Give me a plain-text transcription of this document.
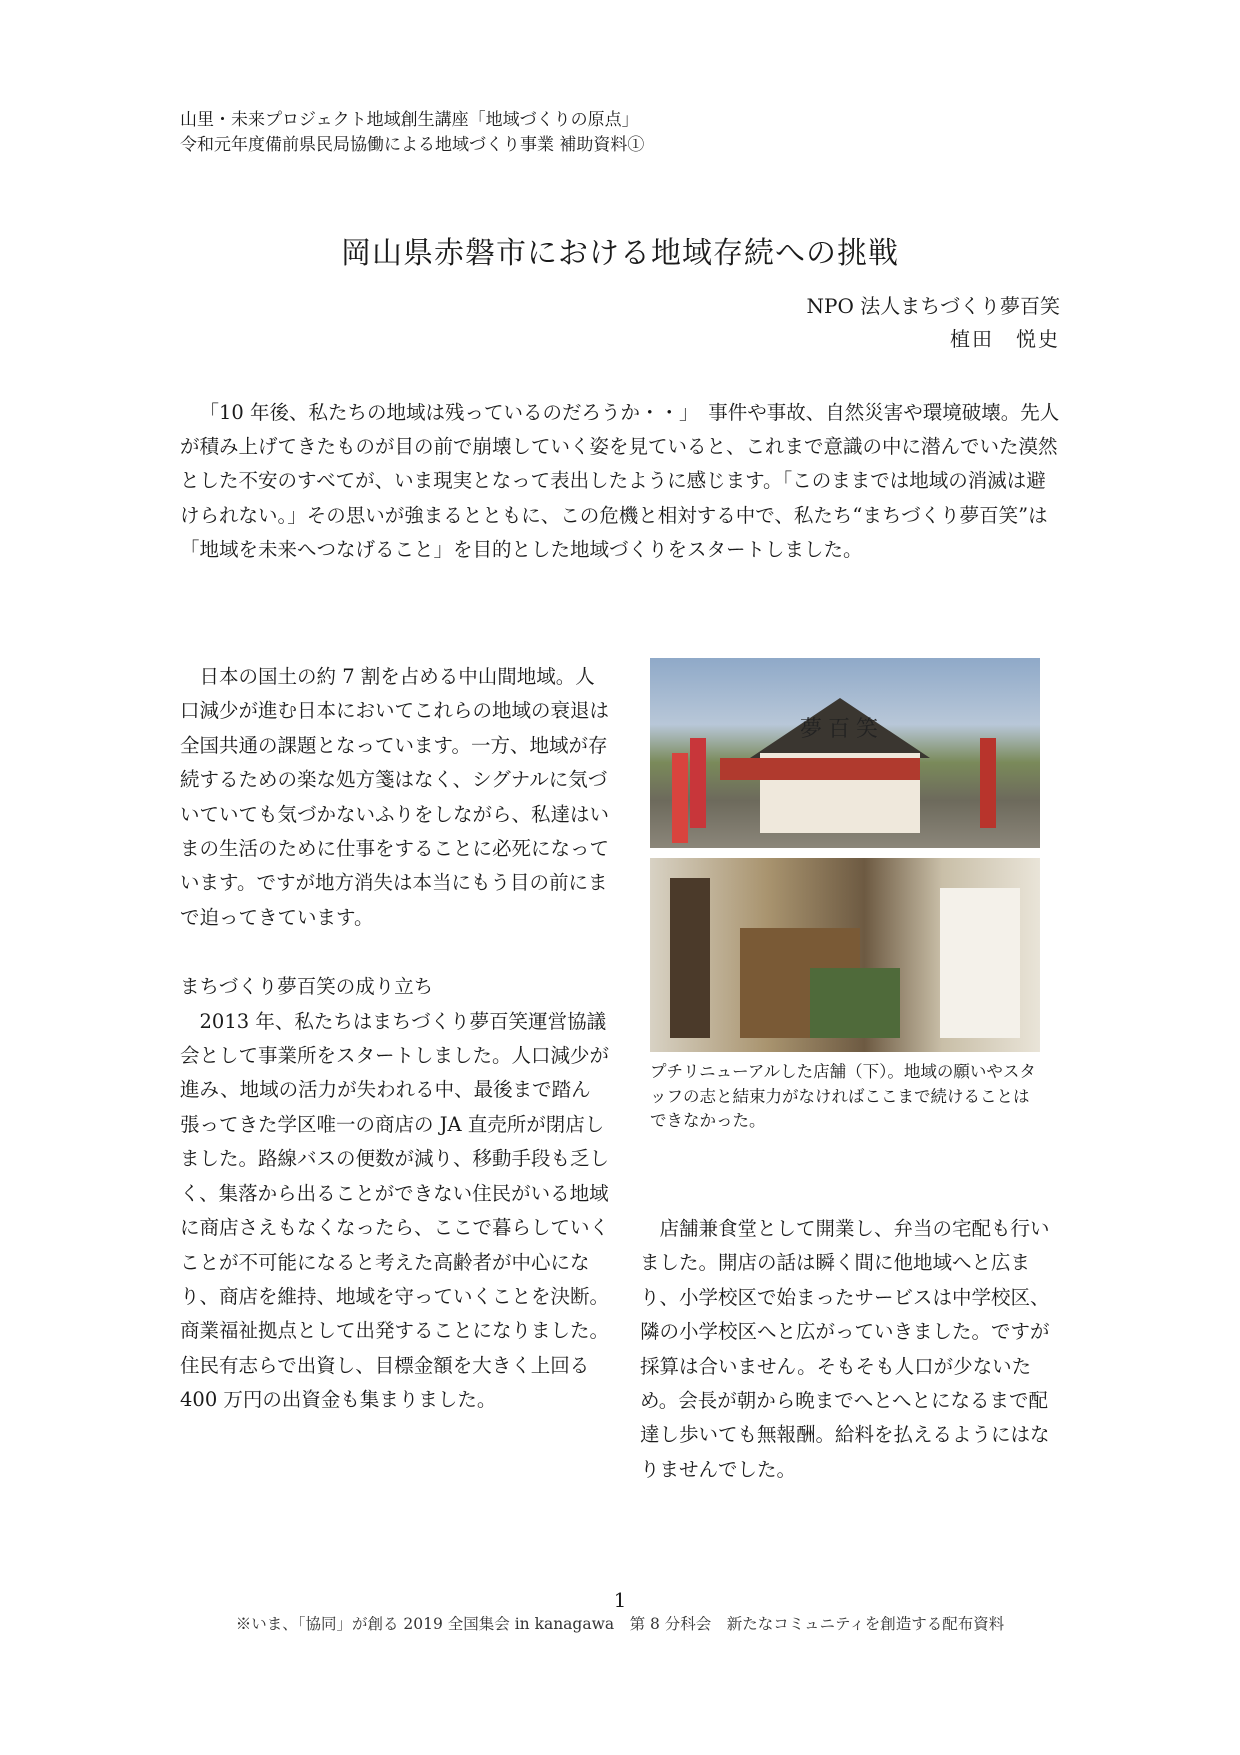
山里・未来プロジェクト地域創生講座「地域づくりの原点」
令和元年度備前県民局協働による地域づくり事業 補助資料①
岡山県赤磐市における地域存続への挑戦
NPO 法人まちづくり夢百笑
植田　悦史

「10 年後、私たちの地域は残っているのだろうか・・」　事件や事故、自然災害や環境破壊。先人が積み上げてきたものが目の前で崩壊していく姿を見ていると、これまで意識の中に潜んでいた漠然とした不安のすべてが、いま現実となって表出したように感じます。「このままでは地域の消滅は避けられない。」その思いが強まるとともに、この危機と相対する中で、私たち“まちづくり夢百笑”は「地域を未来へつなげること」を目的とした地域づくりをスタートしました。

日本の国土の約 7 割を占める中山間地域。人口減少が進む日本においてこれらの地域の衰退は全国共通の課題となっています。一方、地域が存続するための楽な処方箋はなく、シグナルに気づいていても気づかないふりをしながら、私達はいまの生活のために仕事をすることに必死になっています。ですが地方消失は本当にもう目の前にまで迫ってきています。

まちづくり夢百笑の成り立ち

2013 年、私たちはまちづくり夢百笑運営協議会として事業所をスタートしました。人口減少が進み、地域の活力が失われる中、最後まで踏ん張ってきた学区唯一の商店の JA 直売所が閉店しました。路線バスの便数が減り、移動手段も乏しく、集落から出ることができない住民がいる地域に商店さえもなくなったら、ここで暮らしていくことが不可能になると考えた高齢者が中心になり、商店を維持、地域を守っていくことを決断。商業福祉拠点として出発することになりました。住民有志らで出資し、目標金額を大きく上回る 400 万円の出資金も集まりました。

夢百笑

プチリニューアルした店舗（下）。地域の願いやスタッフの志と結束力がなければここまで続けることはできなかった。

店舗兼食堂として開業し、弁当の宅配も行いました。開店の話は瞬く間に他地域へと広まり、小学校区で始まったサービスは中学校区、隣の小学校区へと広がっていきました。ですが採算は合いません。そもそも人口が少ないため。会長が朝から晩までへとへとになるまで配達し歩いても無報酬。給料を払えるようにはなりませんでした。

1
※いま、「協同」が創る 2019 全国集会 in kanagawa　第 8 分科会　新たなコミュニティを創造する配布資料
